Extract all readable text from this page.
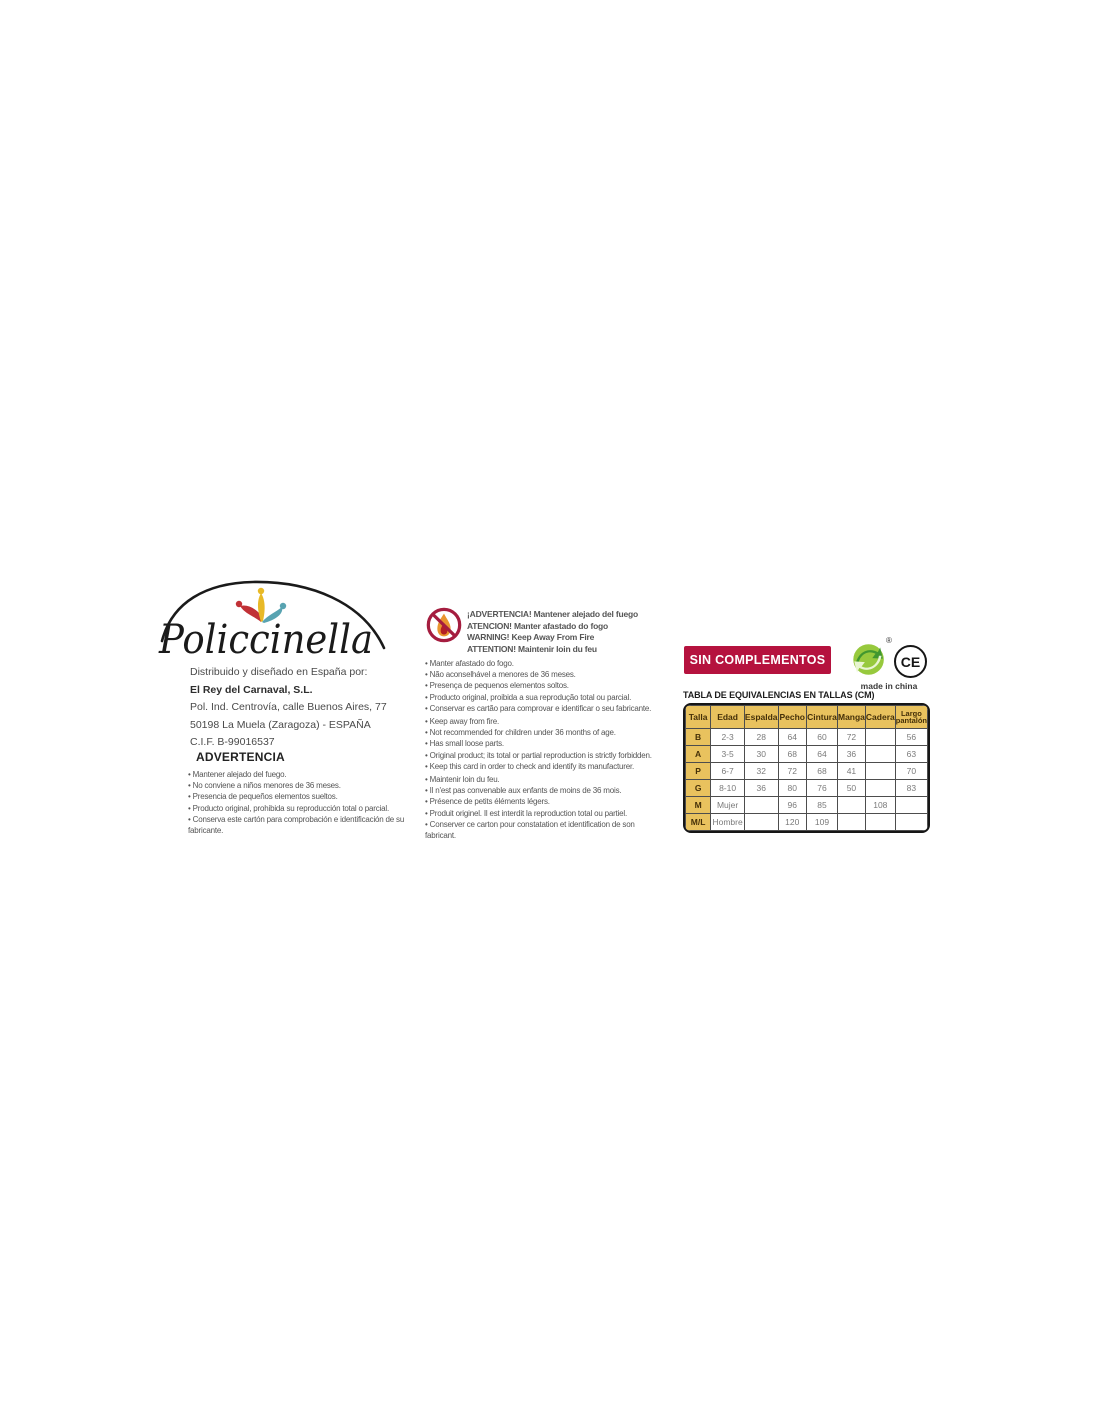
Policcinella
Distribuido y diseñado en España por:
El Rey del Carnaval, S.L.
Pol. Ind. Centrovía, calle Buenos Aires, 77
50198 La Muela (Zaragoza) - ESPAÑA
C.I.F. B-99016537
ADVERTENCIA
• Mantener alejado del fuego.
• No conviene a niños menores de 36 meses.
• Presencia de pequeños elementos sueltos.
• Producto original, prohibida su reproducción total o parcial.
• Conserva este cartón para comprobación e identificación de su fabricante.
¡ADVERTENCIA! Mantener alejado del fuego
ATENCION! Manter afastado do fogo
WARNING! Keep Away From Fire
ATTENTION! Maintenir loin du feu
• Manter afastado do fogo.
• Não aconselhável a menores de 36 meses.
• Presença de pequenos elementos soltos.
• Producto original, proibida a sua reprodução total ou parcial.
• Conservar es cartão para comprovar e identificar o seu fabricante.
• Keep away from fire.
• Not recommended for children under 36 months of age.
• Has small loose parts.
• Original product; its total or partial reproduction is strictly forbidden.
• Keep this card in order to check and identify its manufacturer.
• Maintenir loin du feu.
• Il n'est pas convenable aux enfants de moins de 36 mois.
• Présence de petits éléments légers.
• Produit originel. Il est interdit la reproduction total ou partiel.
• Conserver ce carton pour constatation et identification de son fabricant.
SIN COMPLEMENTOS
®
CE
made in china
TABLA DE EQUIVALENCIAS EN TALLAS (CM)
Talla	Edad	Espalda	Pecho	Cintura	Manga	Cadera	Largo pantalón
B	2-3	28	64	60	72		56
A	3-5	30	68	64	36		63
P	6-7	32	72	68	41		70
G	8-10	36	80	76	50		83
M	Mujer		96	85		108	
M/L	Hombre		120	109			
